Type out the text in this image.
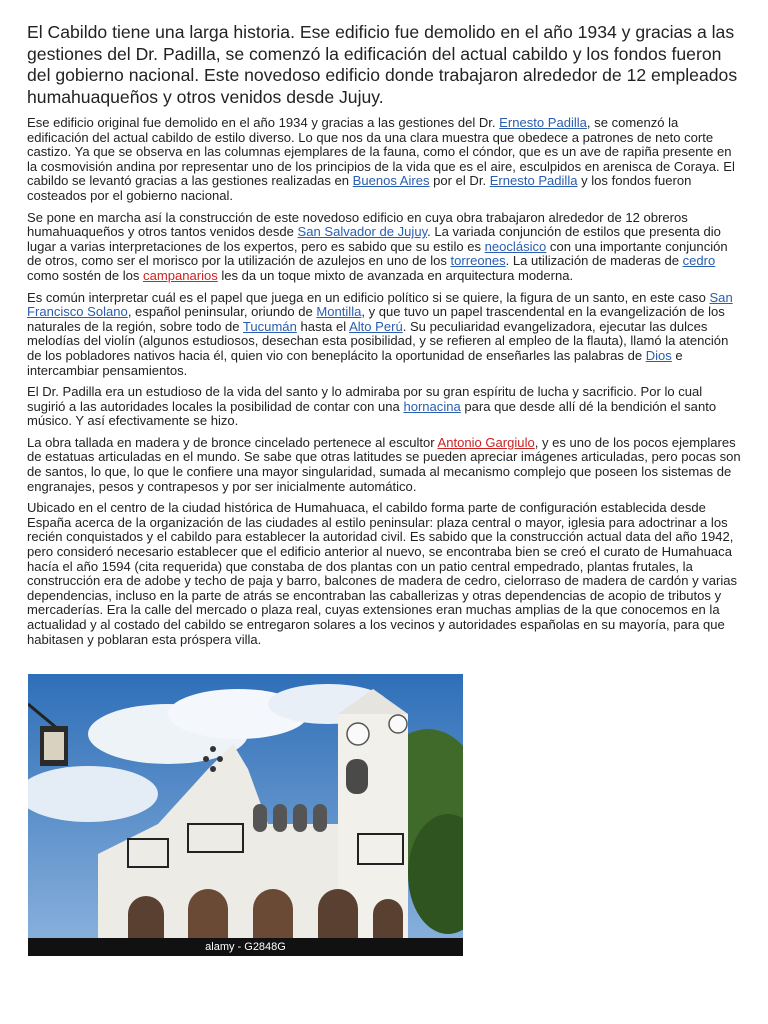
El Cabildo tiene una larga historia. Ese edificio fue demolido en el año 1934 y gracias a las gestiones del Dr. Padilla, se comenzó la edificación del actual cabildo y los fondos fueron del gobierno nacional. Este novedoso edificio donde trabajaron alrededor de 12 empleados humahuaqueños y otros venidos desde Jujuy.

Ese edificio original fue demolido en el año 1934 y gracias a las gestiones del Dr. Ernesto Padilla, se comenzó la edificación del actual cabildo de estilo diverso. Lo que nos da una clara muestra que obedece a patrones de neto corte castizo. Ya que se observa en las columnas ejemplares de la fauna, como el cóndor, que es un ave de rapiña presente en la cosmovisión andina por representar uno de los principios de la vida que es el aire, esculpidos en arenisca de Coraya. El cabildo se levantó gracias a las gestiones realizadas en Buenos Aires por el Dr. Ernesto Padilla y los fondos fueron costeados por el gobierno nacional.

Se pone en marcha así la construcción de este novedoso edificio en cuya obra trabajaron alrededor de 12 obreros humahuaqueños y otros tantos venidos desde San Salvador de Jujuy. La variada conjunción de estilos que presenta dio lugar a varias interpretaciones de los expertos, pero es sabido que su estilo es neoclásico con una importante conjunción de otros, como ser el morisco por la utilización de azulejos en uno de los torreones. La utilización de maderas de cedro como sostén de los campanarios les da un toque mixto de avanzada en arquitectura moderna.

Es común interpretar cuál es el papel que juega en un edificio político si se quiere, la figura de un santo, en este caso San Francisco Solano, español peninsular, oriundo de Montilla, y que tuvo un papel trascendental en la evangelización de los naturales de la región, sobre todo de Tucumán hasta el Alto Perú. Su peculiaridad evangelizadora, ejecutar las dulces melodías del violín (algunos estudiosos, desechan esta posibilidad, y se refieren al empleo de la flauta), llamó la atención de los pobladores nativos hacia él, quien vio con beneplácito la oportunidad de enseñarles las palabras de Dios e intercambiar pensamientos.

El Dr. Padilla era un estudioso de la vida del santo y lo admiraba por su gran espíritu de lucha y sacrificio. Por lo cual sugirió a las autoridades locales la posibilidad de contar con una hornacina para que desde allí dé la bendición el santo músico. Y así efectivamente se hizo.

La obra tallada en madera y de bronce cincelado pertenece al escultor Antonio Gargiulo, y es uno de los pocos ejemplares de estatuas articuladas en el mundo. Se sabe que otras latitudes se pueden apreciar imágenes articuladas, pero pocas son de santos, lo que, lo que le confiere una mayor singularidad, sumada al mecanismo complejo que poseen los sistemas de engranajes, pesos y contrapesos y por ser inicialmente automático.

Ubicado en el centro de la ciudad histórica de Humahuaca, el cabildo forma parte de configuración establecida desde España acerca de la organización de las ciudades al estilo peninsular: plaza central o mayor, iglesia para adoctrinar a los recién conquistados y el cabildo para establecer la autoridad civil. Es sabido que la construcción actual data del año 1942, pero consideró necesario establecer que el edificio anterior al nuevo, se encontraba bien se creó el curato de Humahuaca hacía el año 1594 (cita requerida) que constaba de dos plantas con un patio central empedrado, plantas frutales, la construcción era de adobe y techo de paja y barro, balcones de madera de cedro, cielorraso de madera de cardón y varias dependencias, incluso en la parte de atrás se encontraban las caballerizas y otras dependencias de acopio de tributos y mercaderías. Era la calle del mercado o plaza real, cuyas extensiones eran muchas amplias de la que conocemos en la actualidad y al costado del cabildo se entregaron solares a los vecinos y autoridades españolas en su mayoría, para que habitasen y poblaran esta próspera villa.

alamy - G2848G
